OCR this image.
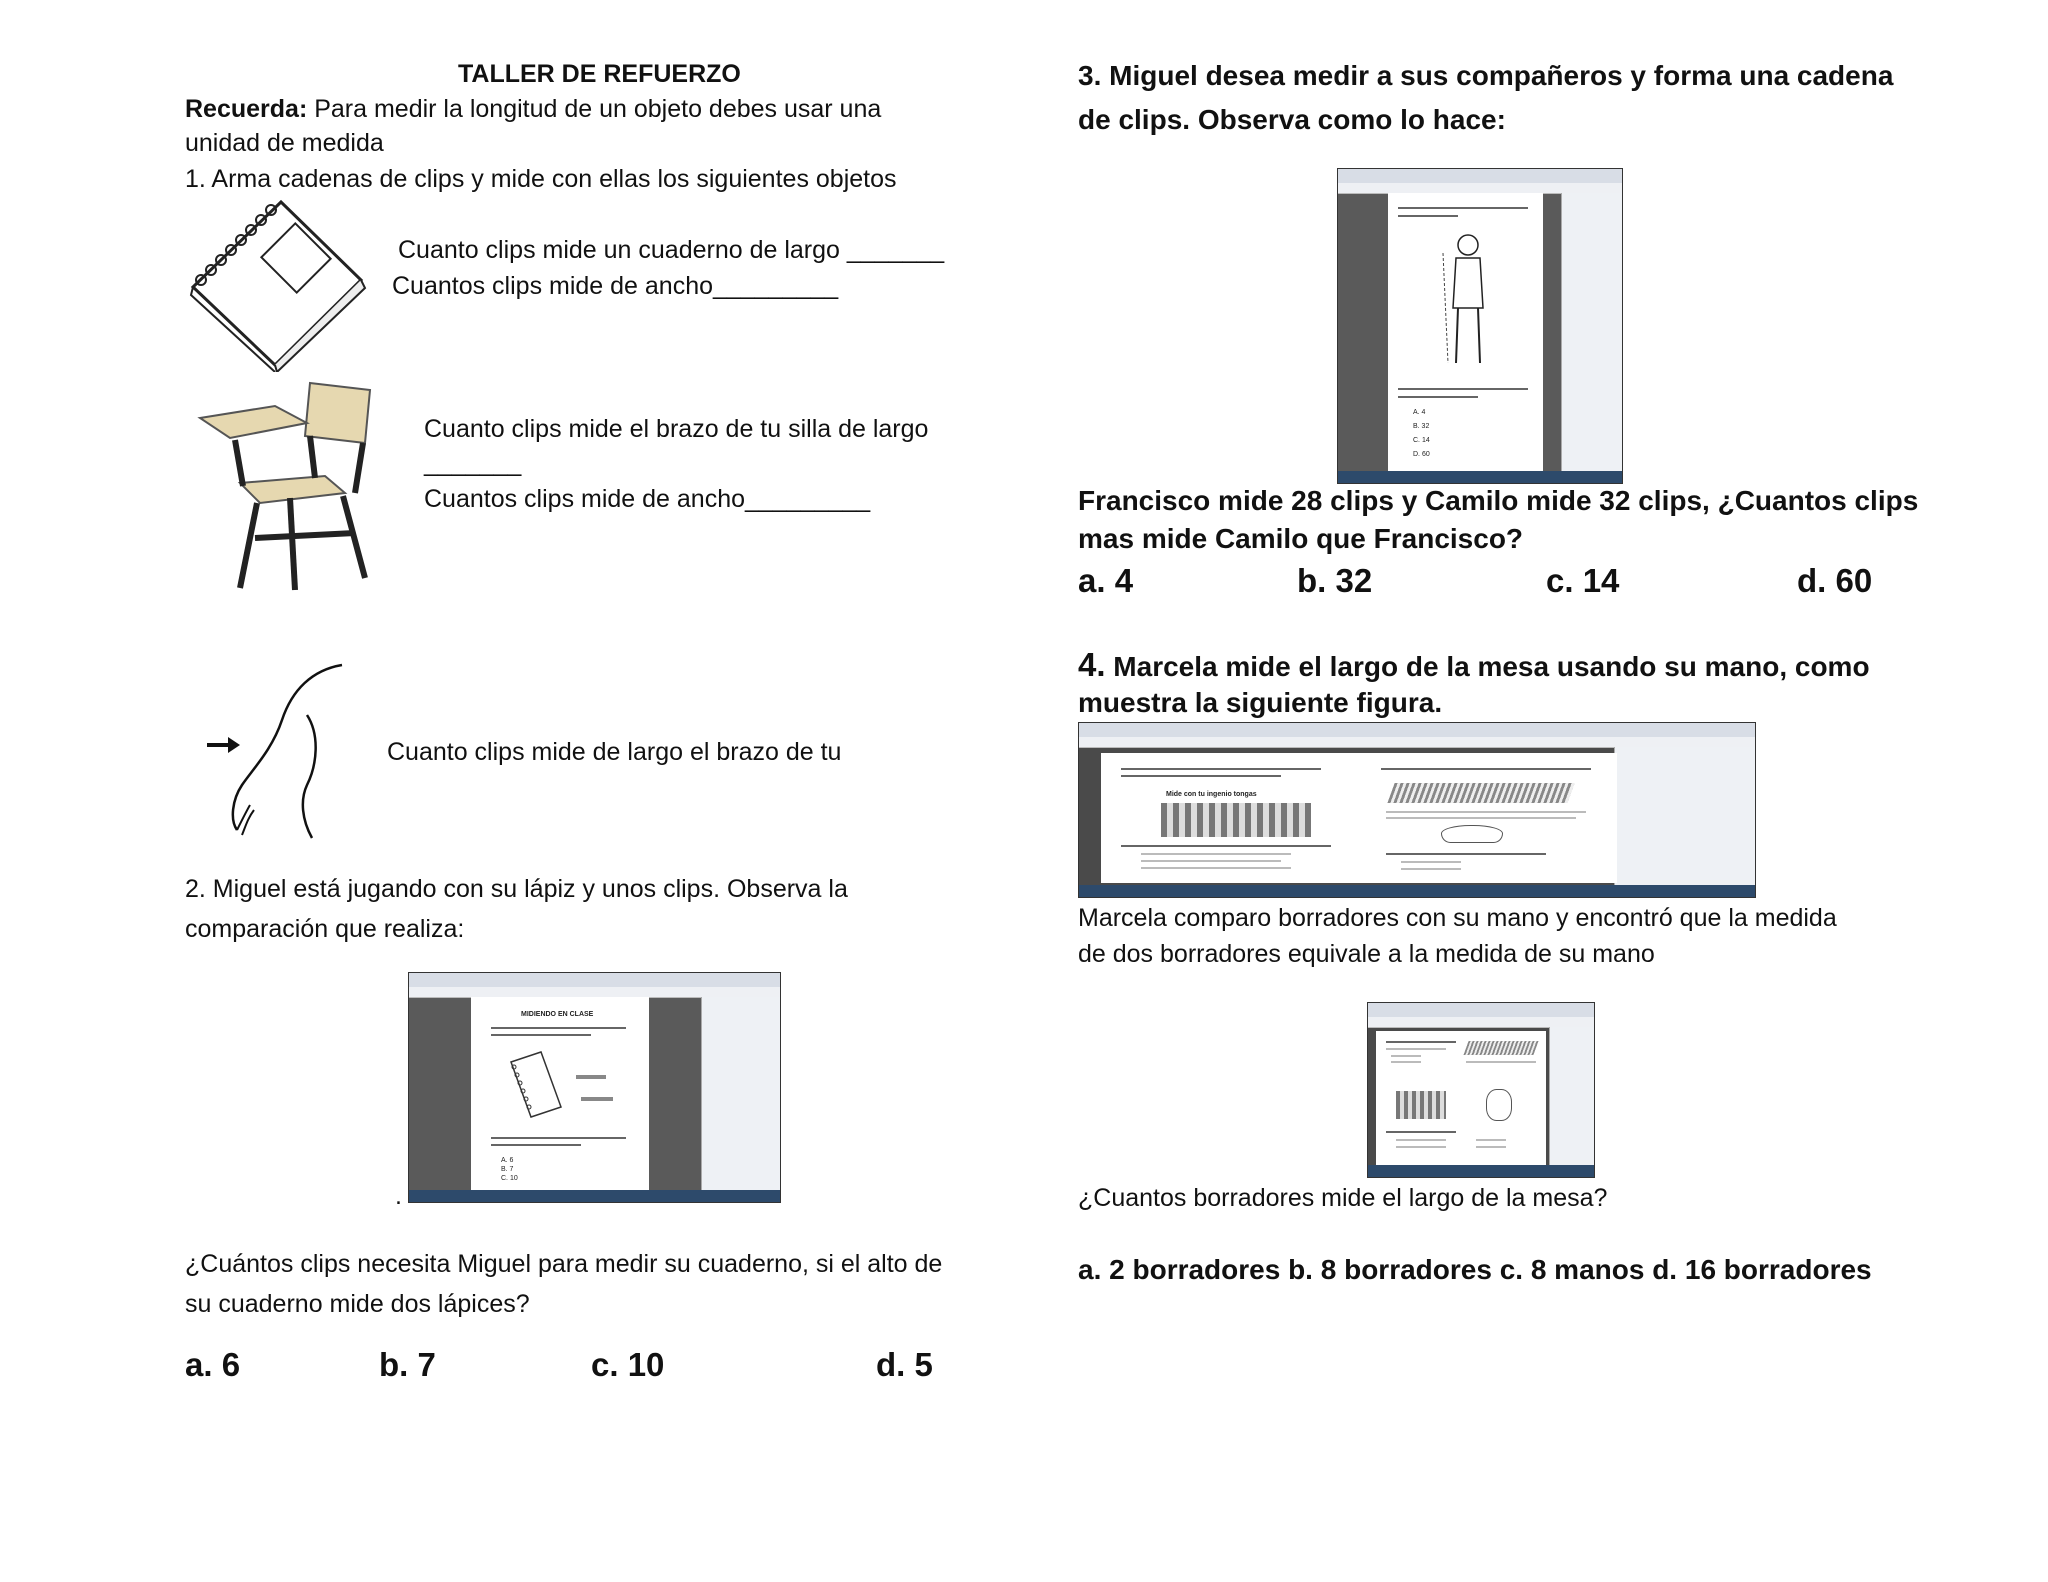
TALLER DE REFUERZO
Recuerda: Para medir la longitud de un objeto debes usar una
unidad de medida
1. Arma cadenas de clips y mide con ellas los siguientes objetos
Cuanto clips mide un cuaderno de largo _______
Cuantos clips mide de ancho_________
Cuanto clips mide el brazo de tu silla de largo
_______
Cuantos clips mide de ancho_________
Cuanto clips mide de largo el brazo de tu
2. Miguel está jugando con su lápiz y unos clips. Observa la
comparación que realiza:
MIDIENDO EN CLASE
A. 6
B. 7
C. 10
.
¿Cuántos clips necesita Miguel para medir su cuaderno, si el alto de
su cuaderno mide dos lápices?
a. 6	b. 7	c. 10	d. 5
3. Miguel desea medir a sus compañeros y forma una cadena
de clips. Observa como lo hace:
A. 4
B. 32
C. 14
D. 60
Francisco mide 28 clips y Camilo mide 32 clips, ¿Cuantos clips
mas mide Camilo que Francisco?
a. 4	b. 32	c. 14	d. 60
4. Marcela mide el largo de la mesa usando su mano, como
muestra la siguiente figura.
Mide con tu ingenio tongas
Marcela comparo borradores con su mano y encontró que la medida
de dos borradores equivale a la medida de su mano
¿Cuantos borradores mide el largo de la mesa?
a. 2 borradores b. 8 borradores c. 8 manos d. 16 borradores
